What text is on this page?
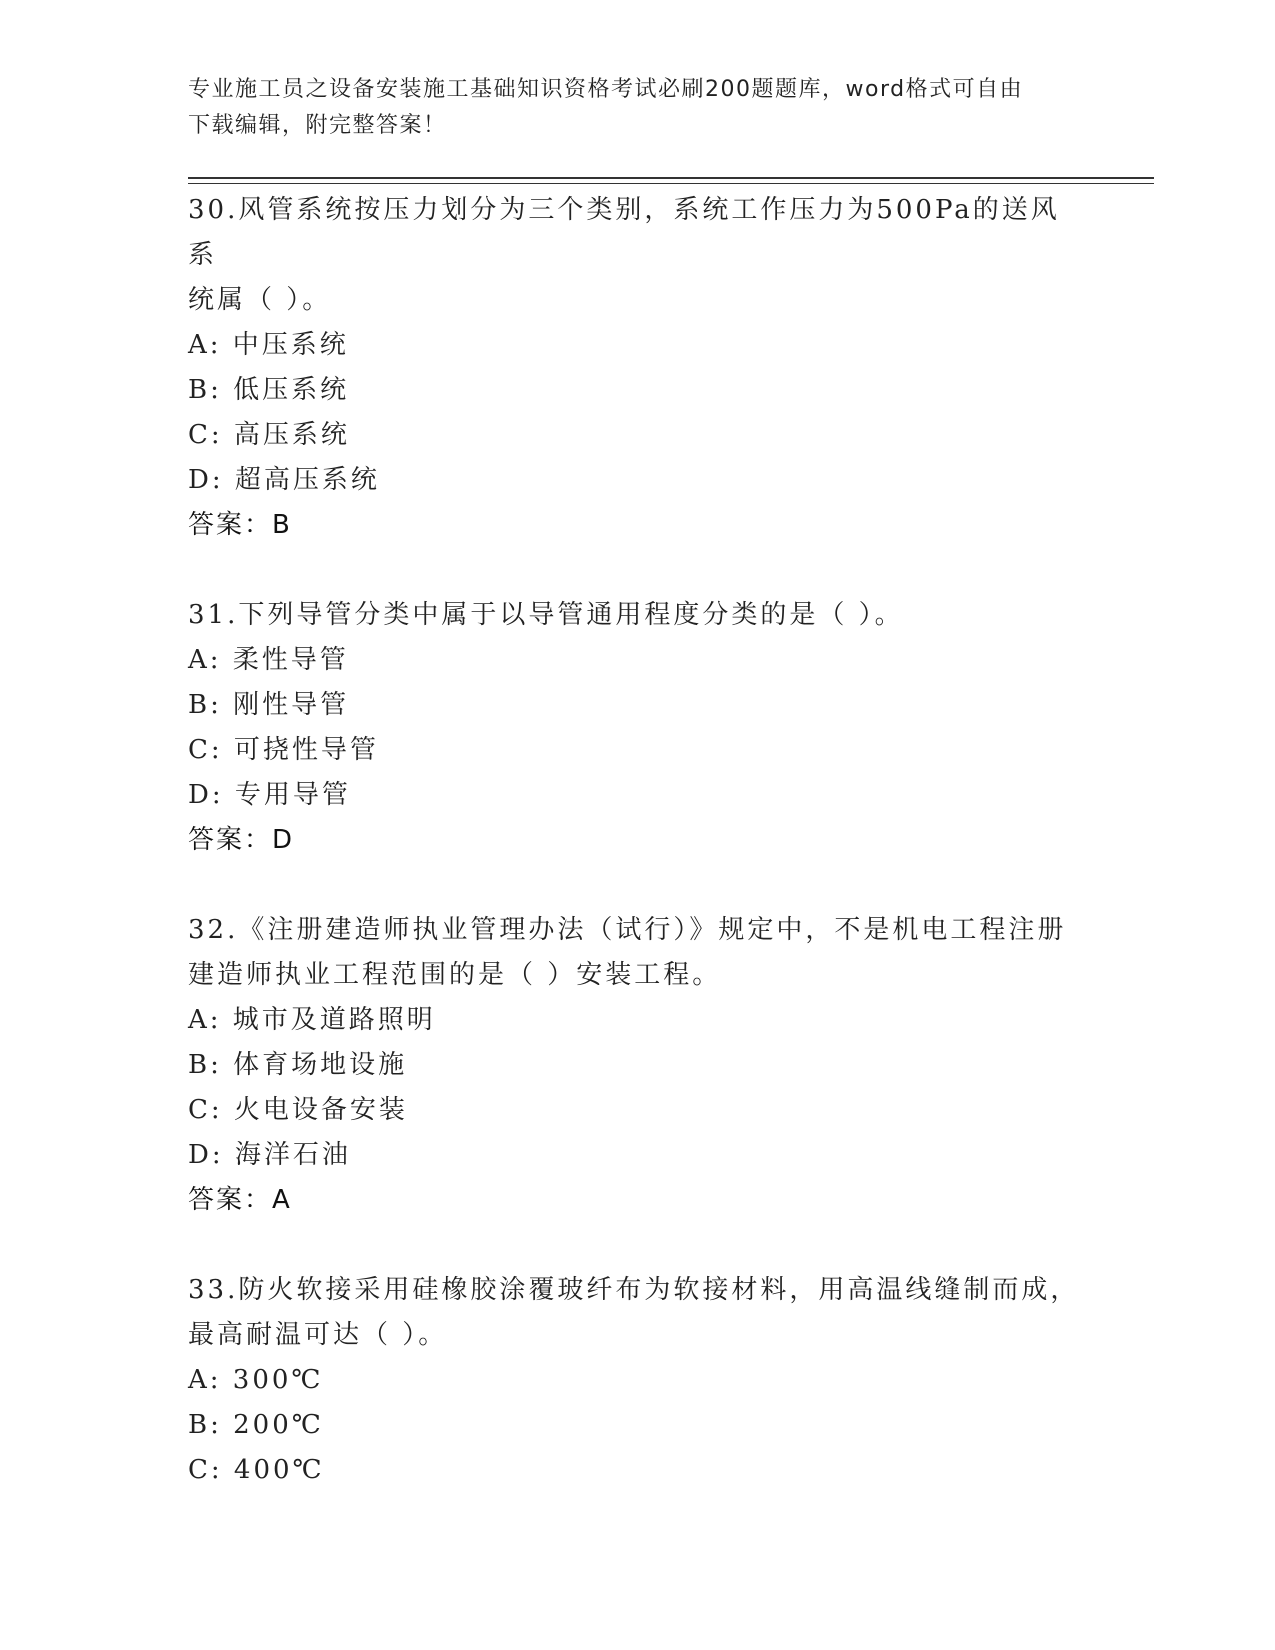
专业施工员之设备安装施工基础知识资格考试必刷200题题库，word格式可自由
下载编辑，附完整答案！
30.风管系统按压力划分为三个类别，系统工作压力为500Pa的送风系
统属（ ）。
A: 中压系统
B: 低压系统
C: 高压系统
D: 超高压系统
答案：B
31.下列导管分类中属于以导管通用程度分类的是（ ）。
A: 柔性导管
B: 刚性导管
C: 可挠性导管
D: 专用导管
答案：D
32.《注册建造师执业管理办法（试行）》规定中，不是机电工程注册
建造师执业工程范围的是（ ）安装工程。
A: 城市及道路照明
B: 体育场地设施
C: 火电设备安装
D: 海洋石油
答案：A
33.防火软接采用硅橡胶涂覆玻纤布为软接材料，用高温线缝制而成，
最高耐温可达（ ）。
A: 300℃
B: 200℃
C: 400℃
